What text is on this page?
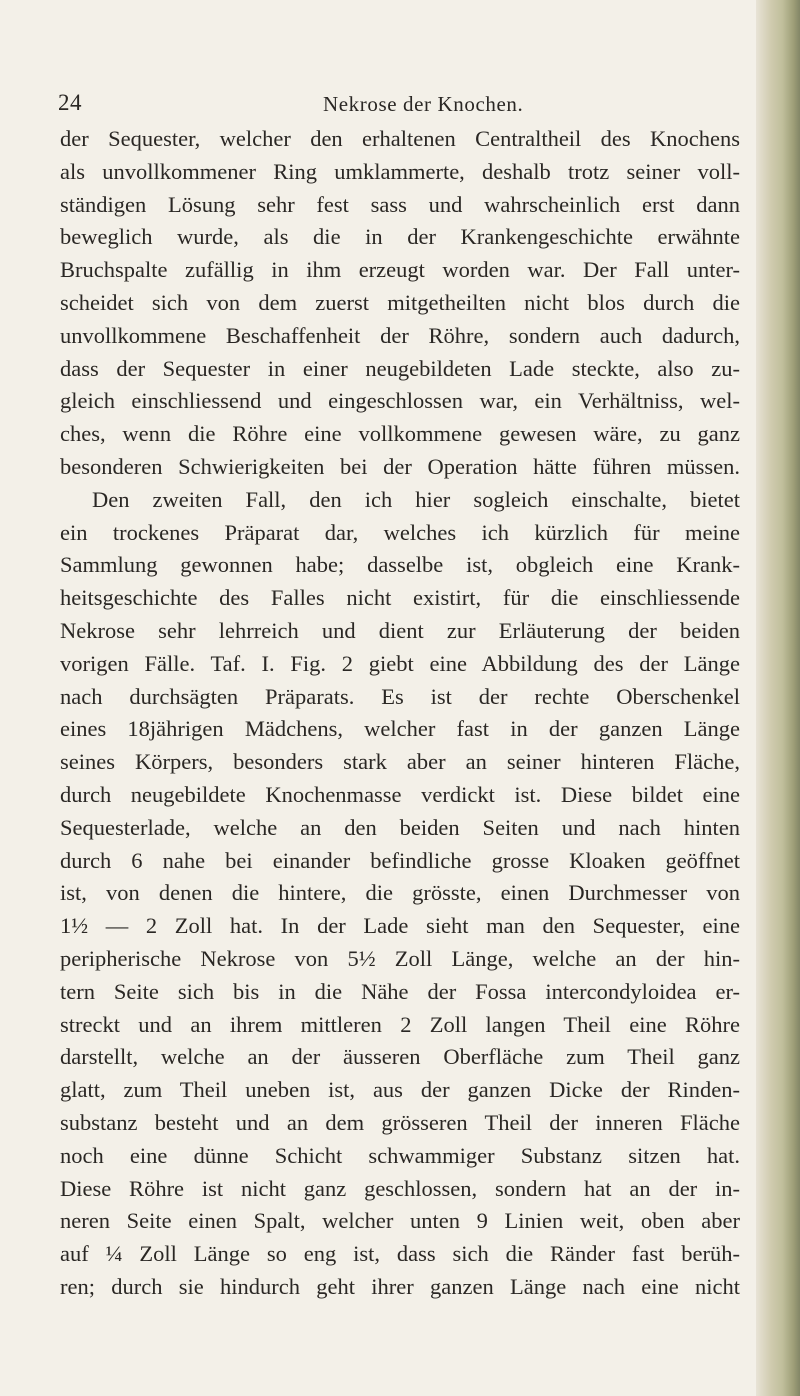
24	Nekrose der Knochen.
der Sequester, welcher den erhaltenen Centraltheil des Knochens
als unvollkommener Ring umklammerte, deshalb trotz seiner voll-
ständigen Lösung sehr fest sass und wahrscheinlich erst dann
beweglich wurde, als die in der Krankengeschichte erwähnte
Bruchspalte zufällig in ihm erzeugt worden war. Der Fall unter-
scheidet sich von dem zuerst mitgetheilten nicht blos durch die
unvollkommene Beschaffenheit der Röhre, sondern auch dadurch,
dass der Sequester in einer neugebildeten Lade steckte, also zu-
gleich einschliessend und eingeschlossen war, ein Verhältniss, wel-
ches, wenn die Röhre eine vollkommene gewesen wäre, zu ganz
besonderen Schwierigkeiten bei der Operation hätte führen müssen.
Den zweiten Fall, den ich hier sogleich einschalte, bietet
ein trockenes Präparat dar, welches ich kürzlich für meine
Sammlung gewonnen habe; dasselbe ist, obgleich eine Krank-
heitsgeschichte des Falles nicht existirt, für die einschliessende
Nekrose sehr lehrreich und dient zur Erläuterung der beiden
vorigen Fälle. Taf. I. Fig. 2 giebt eine Abbildung des der Länge
nach durchsägten Präparats. Es ist der rechte Oberschenkel
eines 18jährigen Mädchens, welcher fast in der ganzen Länge
seines Körpers, besonders stark aber an seiner hinteren Fläche,
durch neugebildete Knochenmasse verdickt ist. Diese bildet eine
Sequesterlade, welche an den beiden Seiten und nach hinten
durch 6 nahe bei einander befindliche grosse Kloaken geöffnet
ist, von denen die hintere, die grösste, einen Durchmesser von
1½ — 2 Zoll hat. In der Lade sieht man den Sequester, eine
peripherische Nekrose von 5½ Zoll Länge, welche an der hin-
tern Seite sich bis in die Nähe der Fossa intercondyloidea er-
streckt und an ihrem mittleren 2 Zoll langen Theil eine Röhre
darstellt, welche an der äusseren Oberfläche zum Theil ganz
glatt, zum Theil uneben ist, aus der ganzen Dicke der Rinden-
substanz besteht und an dem grösseren Theil der inneren Fläche
noch eine dünne Schicht schwammiger Substanz sitzen hat.
Diese Röhre ist nicht ganz geschlossen, sondern hat an der in-
neren Seite einen Spalt, welcher unten 9 Linien weit, oben aber
auf ¼ Zoll Länge so eng ist, dass sich die Ränder fast berüh-
ren; durch sie hindurch geht ihrer ganzen Länge nach eine nicht
